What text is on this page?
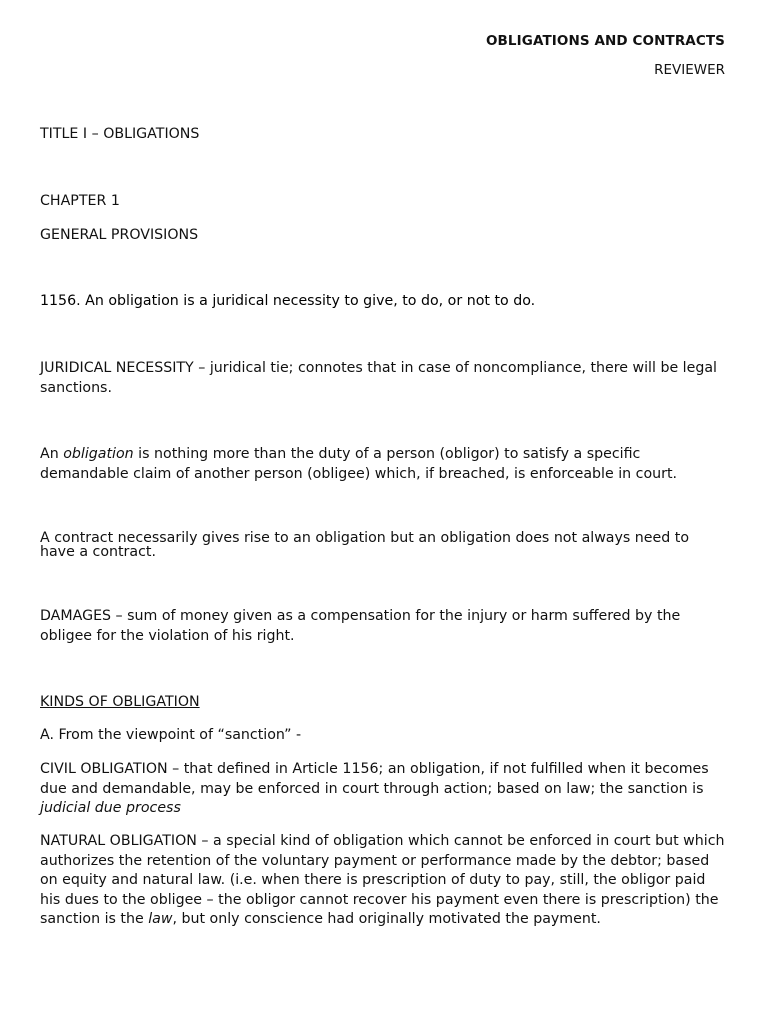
OBLIGATIONS AND CONTRACTS
REVIEWER

TITLE I – OBLIGATIONS

CHAPTER 1

GENERAL PROVISIONS

1156. An obligation is a juridical necessity to give, to do, or not to do.

JURIDICAL NECESSITY – juridical tie; connotes that in case of noncompliance, there will be legal sanctions.

An obligation is nothing more than the duty of a person (obligor) to satisfy a specific demandable claim of another person (obligee) which, if breached, is enforceable in court.

A contract necessarily gives rise to an obligation but an obligation does not always need to have a contract.

DAMAGES – sum of money given as a compensation for the injury or harm suffered by the obligee for the violation of his right.

KINDS OF OBLIGATION

A. From the viewpoint of “sanction” -

CIVIL OBLIGATION – that defined in Article 1156; an obligation, if not fulfilled when it becomes due and demandable, may be enforced in court through action; based on law; the sanction is judicial due process

NATURAL OBLIGATION – a special kind of obligation which cannot be enforced in court but which authorizes the retention of the voluntary payment or performance made by the debtor; based on equity and natural law. (i.e. when there is prescription of duty to pay, still, the obligor paid his dues to the obligee – the obligor cannot recover his payment even there is prescription) the sanction is the law, but only conscience had originally motivated the payment.
